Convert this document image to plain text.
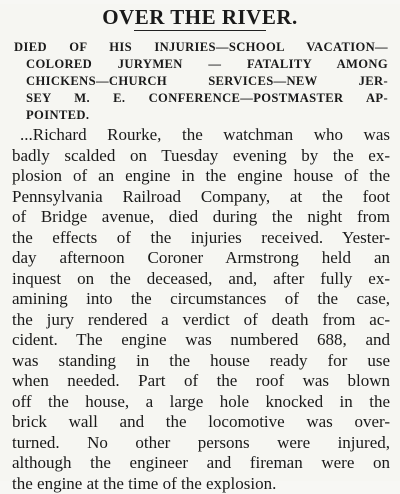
OVER THE RIVER.
DIED OF HIS INJURIES—SCHOOL VACATION—
COLORED JURYMEN — FATALITY AMONG
CHICKENS—CHURCH SERVICES—NEW JER-
SEY M. E. CONFERENCE—POSTMASTER AP-
POINTED.
...Richard Rourke, the watchman who was
badly scalded on Tuesday evening by the ex-
plosion of an engine in the engine house of the
Pennsylvania Railroad Company, at the foot
of Bridge avenue, died during the night from
the effects of the injuries received. Yester-
day afternoon Coroner Armstrong held an
inquest on the deceased, and, after fully ex-
amining into the circumstances of the case,
the jury rendered a verdict of death from ac-
cident. The engine was numbered 688, and
was standing in the house ready for use
when needed. Part of the roof was blown
off the house, a large hole knocked in the
brick wall and the locomotive was over-
turned. No other persons were injured,
although the engineer and fireman were on
the engine at the time of the explosion.
